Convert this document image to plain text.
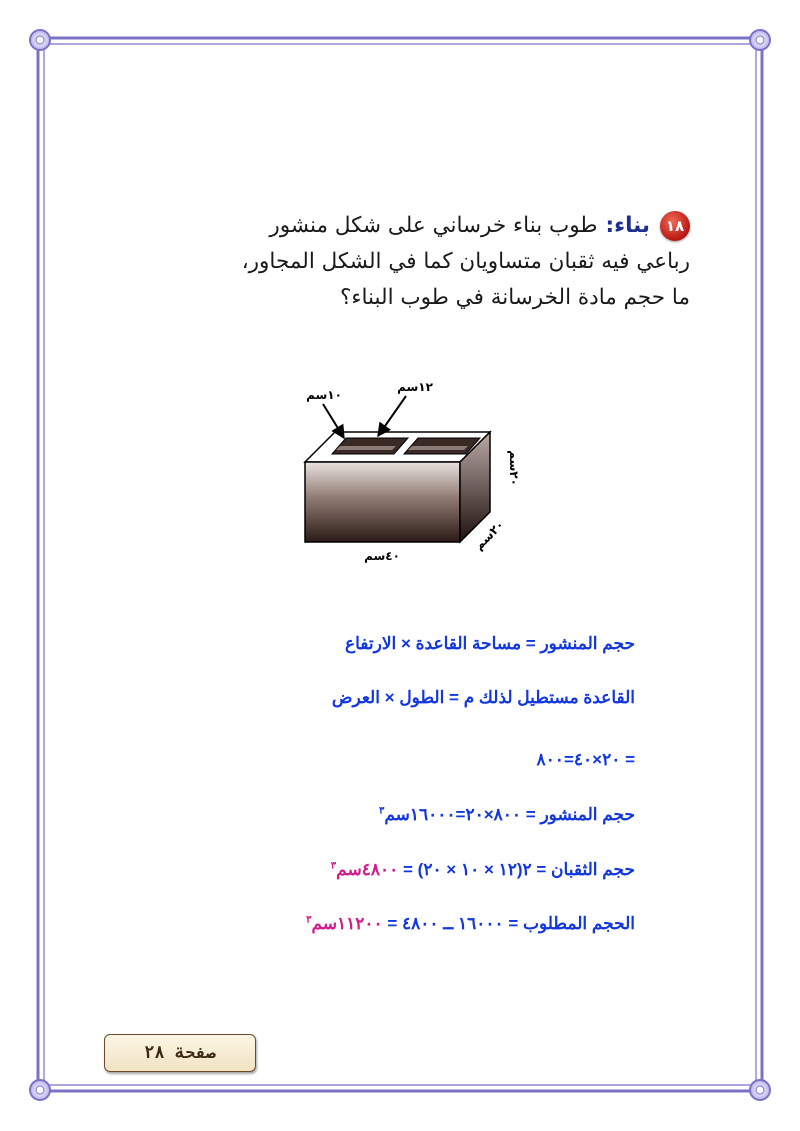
١٨بناء:طوب بناء خرساني على شكل منشور
رباعي فيه ثقبان متساويان كما في الشكل المجاور،
ما حجم مادة الخرسانة في طوب البناء؟
١٠سم
١٢سم
٤٠سم
٢٠سم
٢٠سم
حجم المنشور = مساحة القاعدة × الارتفاع
القاعدة مستطيل لذلك م = الطول × العرض
= ٢٠×٤٠=٨٠٠
حجم المنشور = ٨٠٠×٢٠=١٦٠٠٠سم$^٣$
حجم الثقبان = ٢(١٢ × ١٠ × ٢٠) = ٤٨٠٠سم$^٣$
الحجم المطلوب = ١٦٠٠٠ ــ ٤٨٠٠ = ١١٢٠٠سم$^٣$
صفحة ٢٨
